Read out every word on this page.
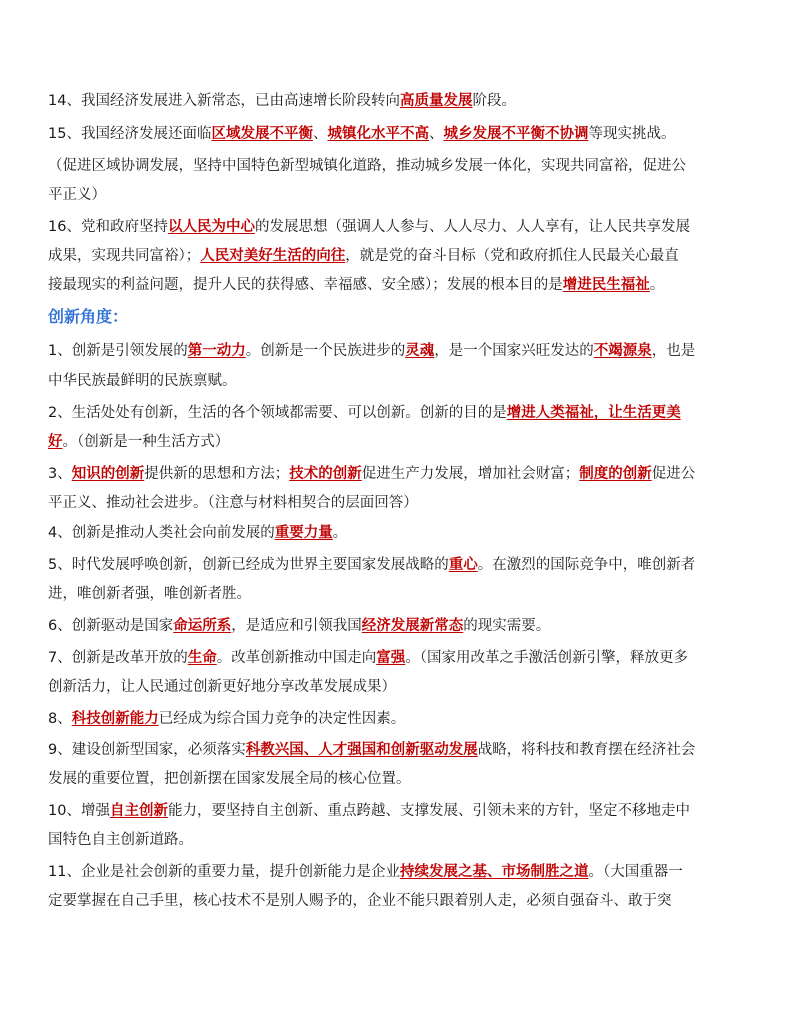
14、我国经济发展进入新常态，已由高速增长阶段转向高质量发展阶段。

15、我国经济发展还面临区域发展不平衡、城镇化水平不高、城乡发展不平衡不协调等现实挑战。

（促进区域协调发展，坚持中国特色新型城镇化道路，推动城乡发展一体化，实现共同富裕，促进公

平正义）

16、党和政府坚持以人民为中心的发展思想（强调人人参与、人人尽力、人人享有，让人民共享发展

成果，实现共同富裕）；人民对美好生活的向往，就是党的奋斗目标（党和政府抓住人民最关心最直

接最现实的利益问题，提升人民的获得感、幸福感、安全感）；发展的根本目的是增进民生福祉。

创新角度：

1、创新是引领发展的第一动力。创新是一个民族进步的灵魂，是一个国家兴旺发达的不竭源泉，也是

中华民族最鲜明的民族禀赋。

2、生活处处有创新，生活的各个领域都需要、可以创新。创新的目的是增进人类福祉，让生活更美

好。（创新是一种生活方式）

3、知识的创新提供新的思想和方法；技术的创新促进生产力发展，增加社会财富；制度的创新促进公

平正义、推动社会进步。（注意与材料相契合的层面回答）

4、创新是推动人类社会向前发展的重要力量。

5、时代发展呼唤创新，创新已经成为世界主要国家发展战略的重心。在激烈的国际竞争中，唯创新者

进，唯创新者强，唯创新者胜。

6、创新驱动是国家命运所系，是适应和引领我国经济发展新常态的现实需要。

7、创新是改革开放的生命。改革创新推动中国走向富强。（国家用改革之手激活创新引擎，释放更多

创新活力，让人民通过创新更好地分享改革发展成果）

8、科技创新能力已经成为综合国力竞争的决定性因素。

9、建设创新型国家，必须落实科教兴国、人才强国和创新驱动发展战略，将科技和教育摆在经济社会

发展的重要位置，把创新摆在国家发展全局的核心位置。

10、增强自主创新能力，要坚持自主创新、重点跨越、支撑发展、引领未来的方针，坚定不移地走中

国特色自主创新道路。

11、企业是社会创新的重要力量，提升创新能力是企业持续发展之基、市场制胜之道。（大国重器一

定要掌握在自己手里，核心技术不是别人赐予的，企业不能只跟着别人走，必须自强奋斗、敢于突
